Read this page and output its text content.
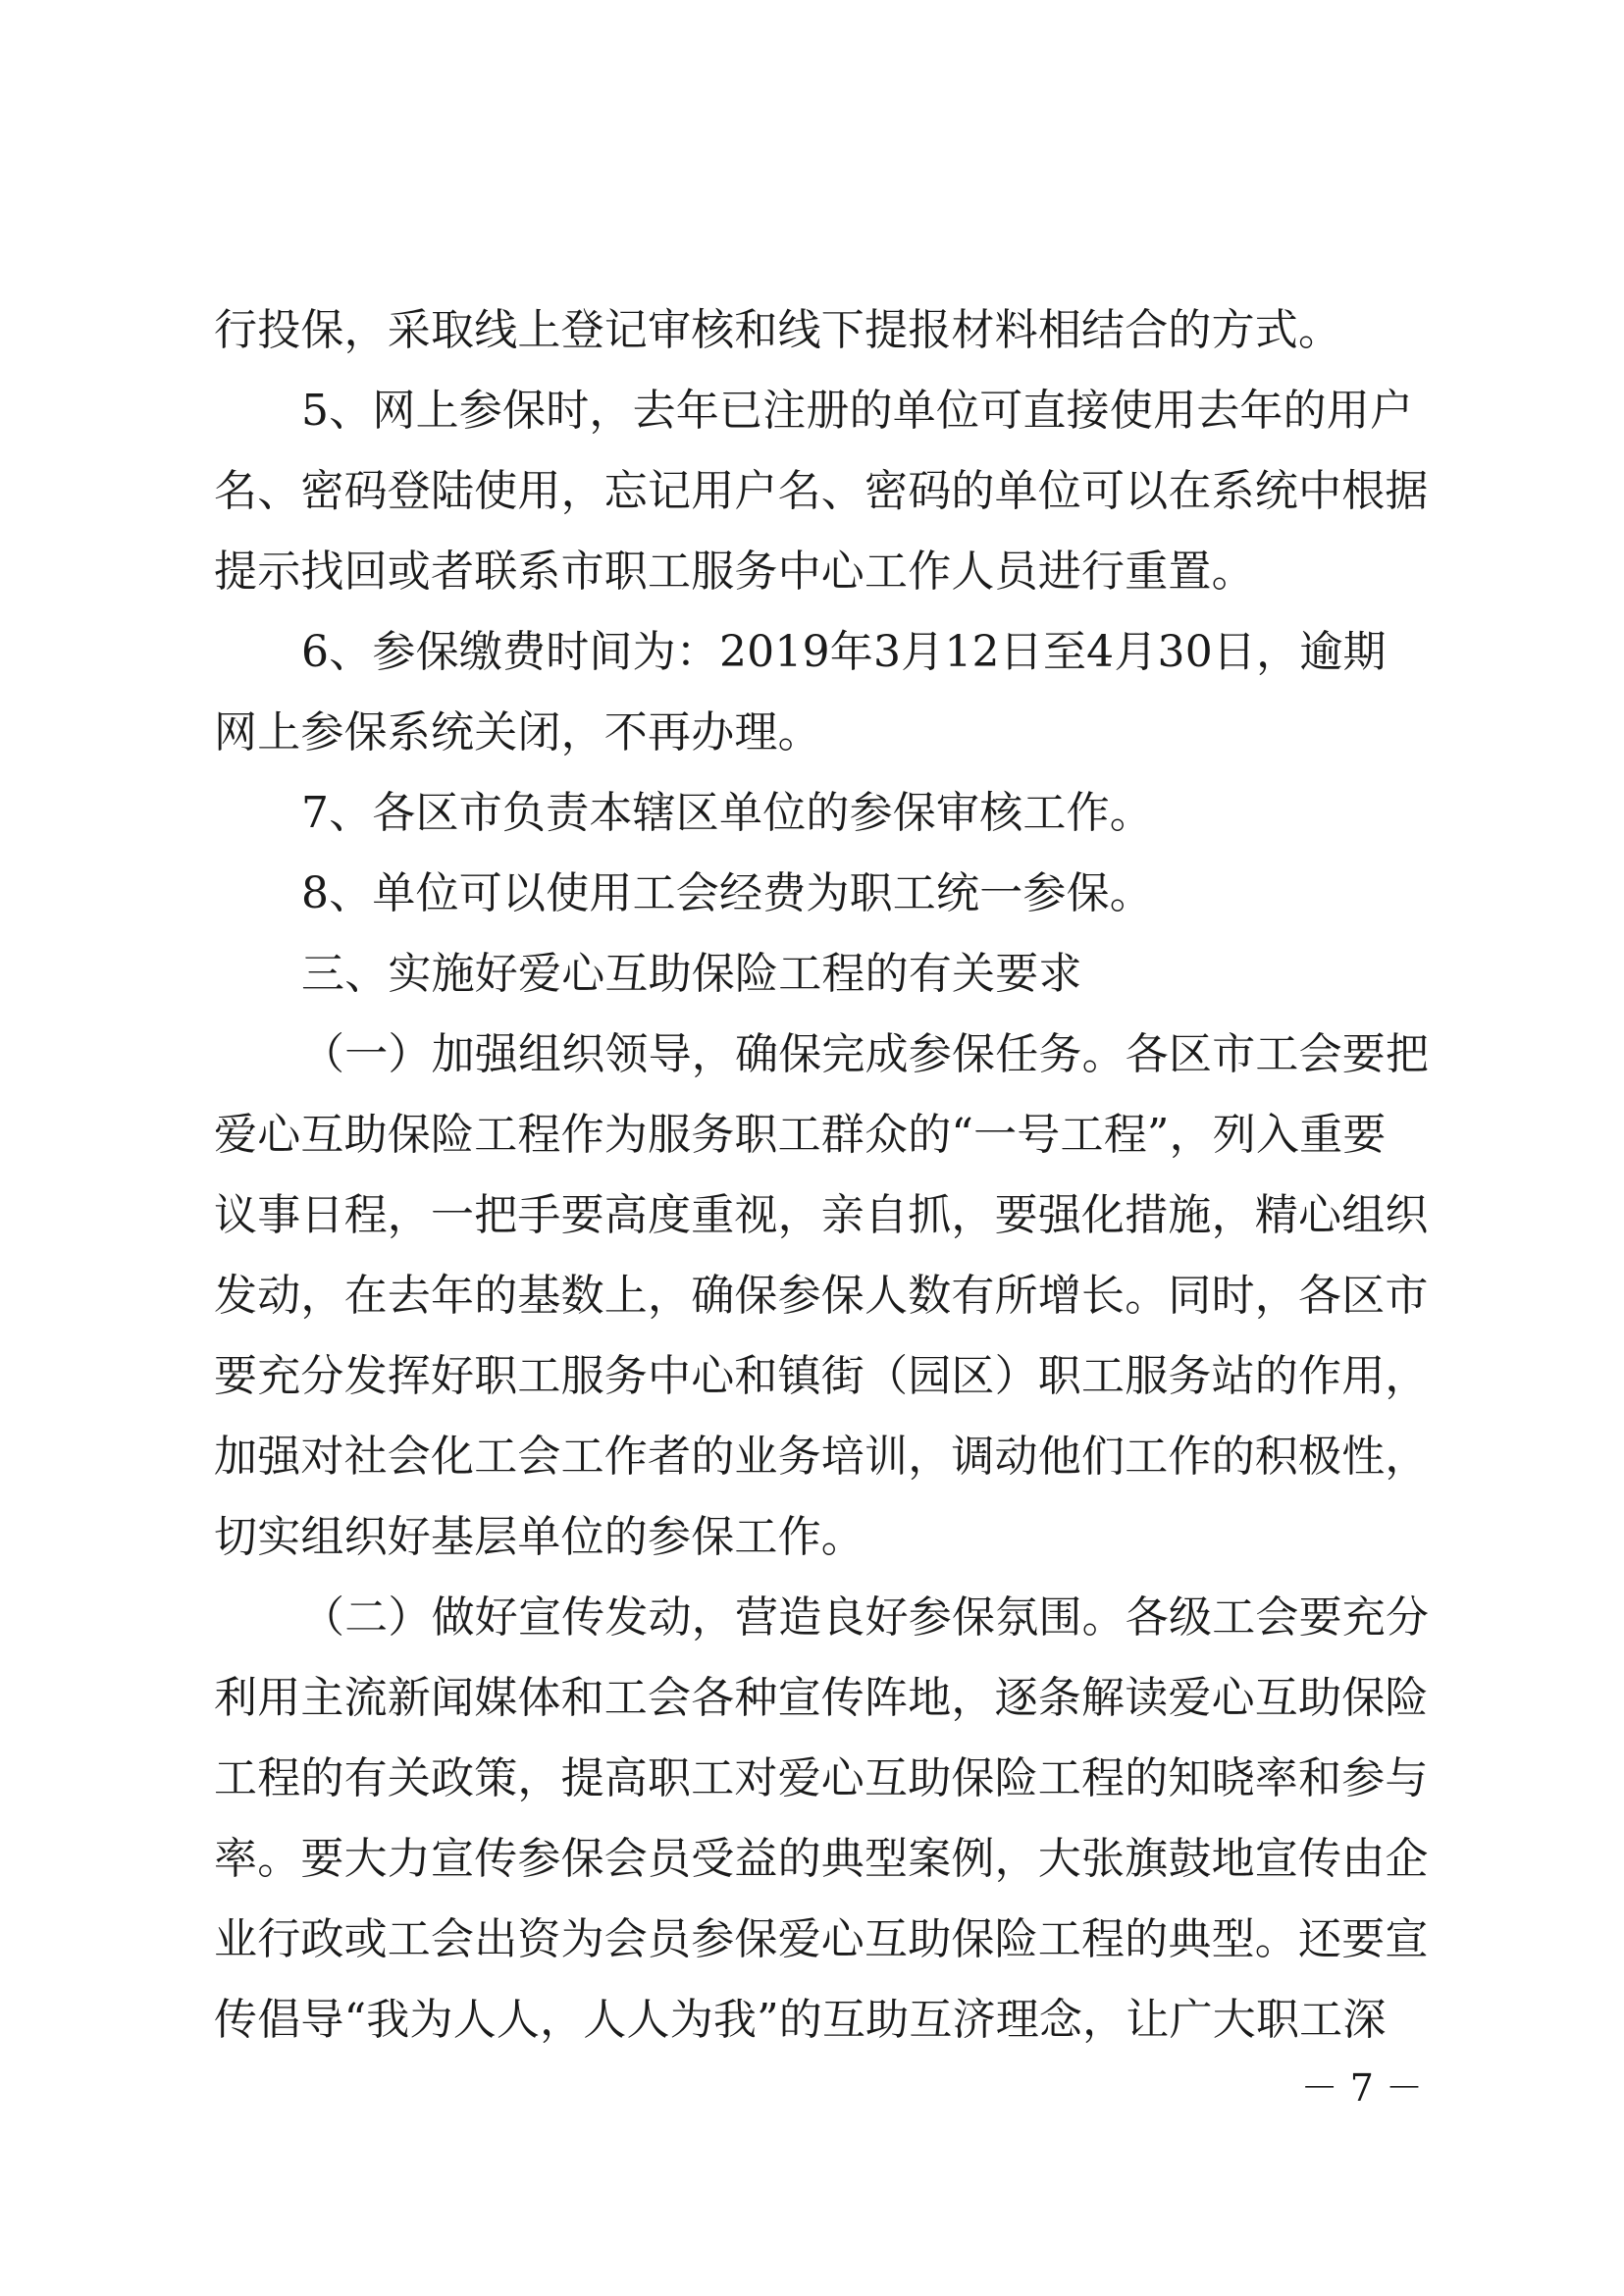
行投保，采取线上登记审核和线下提报材料相结合的方式。
5、网上参保时，去年已注册的单位可直接使用去年的用户
名、密码登陆使用，忘记用户名、密码的单位可以在系统中根据
提示找回或者联系市职工服务中心工作人员进行重置。
6、参保缴费时间为：2019年3月12日至4月30日，逾期
网上参保系统关闭，不再办理。
7、各区市负责本辖区单位的参保审核工作。
8、单位可以使用工会经费为职工统一参保。
三、实施好爱心互助保险工程的有关要求
（一）加强组织领导，确保完成参保任务。各区市工会要把
爱心互助保险工程作为服务职工群众的“一号工程”，列入重要
议事日程，一把手要高度重视，亲自抓，要强化措施，精心组织
发动，在去年的基数上，确保参保人数有所增长。同时，各区市
要充分发挥好职工服务中心和镇街（园区）职工服务站的作用，
加强对社会化工会工作者的业务培训，调动他们工作的积极性，
切实组织好基层单位的参保工作。
（二）做好宣传发动，营造良好参保氛围。各级工会要充分
利用主流新闻媒体和工会各种宣传阵地，逐条解读爱心互助保险
工程的有关政策，提高职工对爱心互助保险工程的知晓率和参与
率。要大力宣传参保会员受益的典型案例，大张旗鼓地宣传由企
业行政或工会出资为会员参保爱心互助保险工程的典型。还要宣
传倡导“我为人人，人人为我”的互助互济理念，让广大职工深
－ 7 －
